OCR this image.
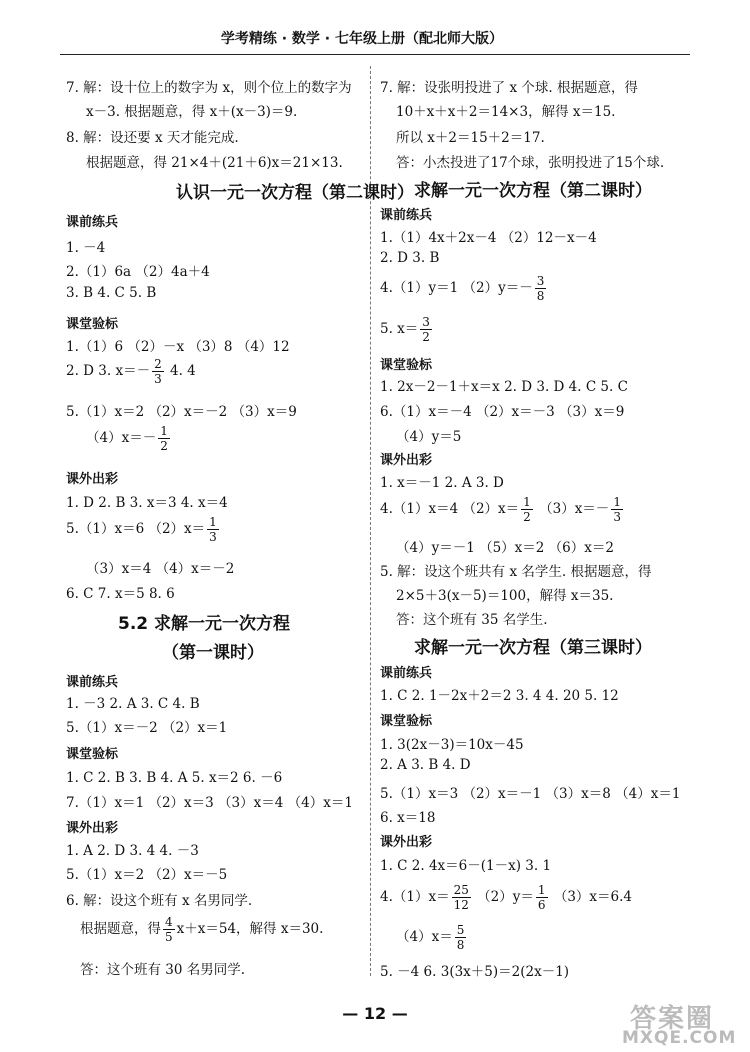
学考精练 · 数学 · 七年级上册（配北师大版）
7. 解：设十位上的数字为 x，则个位上的数字为
x－3. 根据题意，得 x＋(x－3)＝9.
8. 解：设还要 x 天才能完成.
根据题意，得 21×4＋(21＋6)x＝21×13.
认识一元一次方程（第二课时）
课前练兵
1. －4
2.（1）6a （2）4a＋4
3. B 4. C 5. B
课堂验标
1.（1）6 （2）－x （3）8 （4）12
2. D 3. $x=- \frac{2}{3} 4$. 4
5.（1）x＝2 （2）x＝－2 （3）x＝9
$(4)x=- \frac{1}{2}$
课外出彩
1. D 2. B 3. x＝3 4. x＝4
5.（1）x＝6 $(2)x= \frac{1}{3}$
（3）x＝4 （4）x＝－2
6. C 7. x＝5 8. 6
5.2 求解一元一次方程
（第一课时）
课前练兵
1. －3 2. A 3. C 4. B
5.（1）x＝－2 （2）x＝1
课堂验标
1. C 2. B 3. B 4. A 5. x＝2 6. －6
7.（1）x＝1 （2）x＝3 （3）x＝4 （4）x＝1
课外出彩
1. A 2. D 3. 4 4. －3
5.（1）x＝2 （2）x＝－5
6. 解：设这个班有 x 名男同学.
根据题意，得 $\frac{4}{5} x+x=54$，解得 x＝30.
答：这个班有 30 名男同学.
7. 解：设张明投进了 x 个球. 根据题意，得
10＋x＋x＋2＝14×3，解得 x＝15.
所以 x＋2＝15＋2＝17.
答：小杰投进了17个球，张明投进了15个球.
求解一元一次方程（第二课时）
课前练兵
1.（1）4x＋2x－4 （2）12－x－4
2. D 3. B
4.（1）y＝1 $(2)y=- \frac{3}{8}$
5. $x= \frac{3}{2}$
课堂验标
1. 2x－2－1＋x＝x 2. D 3. D 4. C 5. C
6.（1）x＝－4 （2）x＝－3 （3）x＝9
（4）y＝5
课外出彩
1. x＝－1 2. A 3. D
4.（1）x＝4 $(2)x= \frac{1}{2} (3)x=- \frac{1}{3}$
（4）y＝－1 （5）x＝2 （6）x＝2
5. 解：设这个班共有 x 名学生. 根据题意，得
2×5＋3(x－5)＝100，解得 x＝35.
答：这个班有 35 名学生.
求解一元一次方程（第三课时）
课前练兵
1. C 2. 1－2x＋2＝2 3. 4 4. 20 5. 12
课堂验标
1. 3(2x－3)＝10x－45
2. A 3. B 4. D
5.（1）x＝3 （2）x＝－1 （3）x＝8 （4）x＝1
6. x＝18
课外出彩
1. C 2. 4x＝6－(1－x) 3. 1
$4.(1)x= \frac{25}{12} (2)y= \frac{1}{6} (3)x=6.4$
$(4)x= \frac{5}{8}$
5. －4 6. 3(3x＋5)＝2(2x－1)
— 12 —	答案圈
MXQE.COM
